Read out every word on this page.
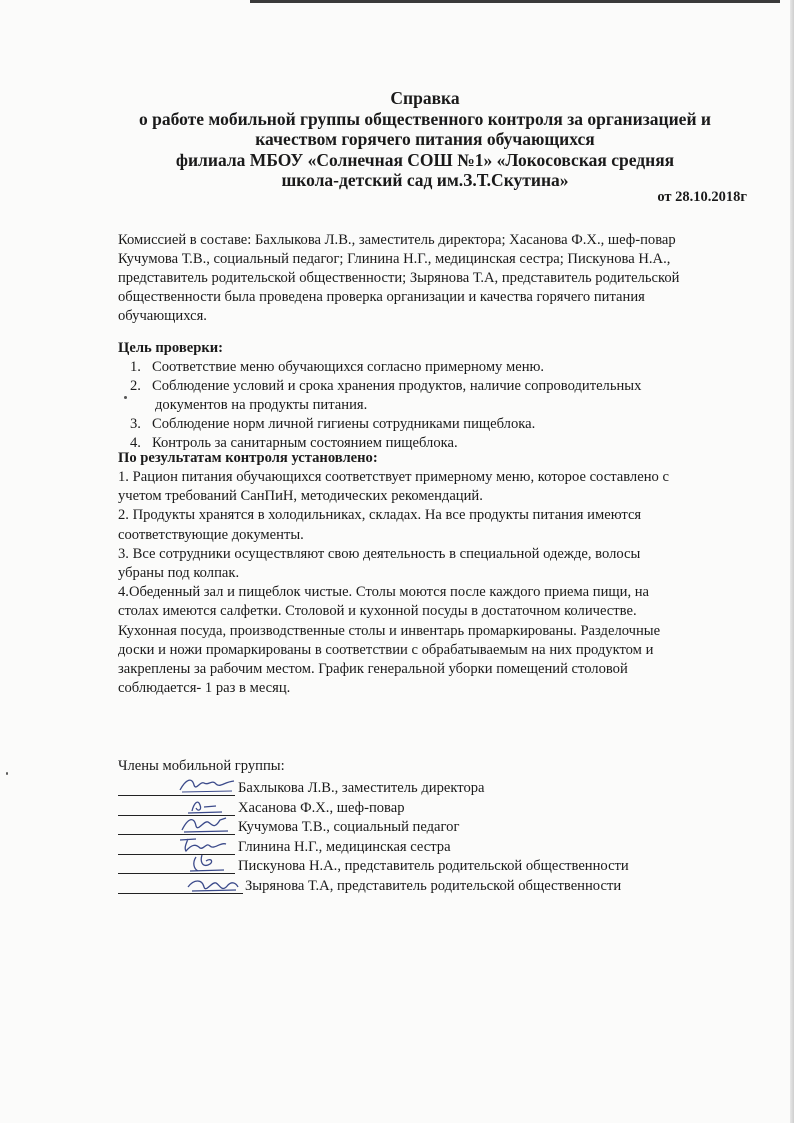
Справка
о работе мобильной группы общественного контроля за организацией и
качеством горячего питания обучающихся
филиала МБОУ «Солнечная СОШ №1» «Локосовская средняя
школа-детский сад им.З.Т.Скутина»
от 28.10.2018г
Комиссией в составе: Бахлыкова Л.В., заместитель директора; Хасанова Ф.Х., шеф-повар
Кучумова Т.В., социальный педагог; Глинина Н.Г., медицинская сестра; Пискунова Н.А.,
представитель родительской общественности; Зырянова Т.А, представитель родительской
общественности была проведена проверка организации и качества горячего питания
обучающихся.
Цель проверки:
1. Соответствие меню обучающихся согласно примерному меню.
2. Соблюдение условий и срока хранения продуктов, наличие сопроводительных
документов на продукты питания.
3. Соблюдение норм личной гигиены сотрудниками пищеблока.
4. Контроль за санитарным состоянием пищеблока.
По результатам контроля установлено:
1. Рацион питания обучающихся соответствует примерному меню, которое составлено с
учетом требований СанПиН, методических рекомендаций.
2. Продукты хранятся в холодильниках, складах. На все продукты питания имеются
соответствующие документы.
3. Все сотрудники осуществляют свою деятельность в специальной одежде, волосы
убраны под колпак.
4.Обеденный зал и пищеблок чистые. Столы моются после каждого приема пищи, на
столах имеются салфетки. Столовой и кухонной посуды в достаточном количестве.
Кухонная посуда, производственные столы и инвентарь промаркированы. Разделочные
доски и ножи промаркированы в соответствии с обрабатываемым на них продуктом и
закреплены за рабочим местом. График генеральной уборки помещений столовой
соблюдается- 1 раз в месяц.
Члены мобильной группы:
Бахлыкова Л.В., заместитель директора
Хасанова Ф.Х., шеф-повар
Кучумова Т.В., социальный педагог
Глинина Н.Г., медицинская сестра
Пискунова Н.А., представитель родительской общественности
Зырянова Т.А, представитель родительской общественности
